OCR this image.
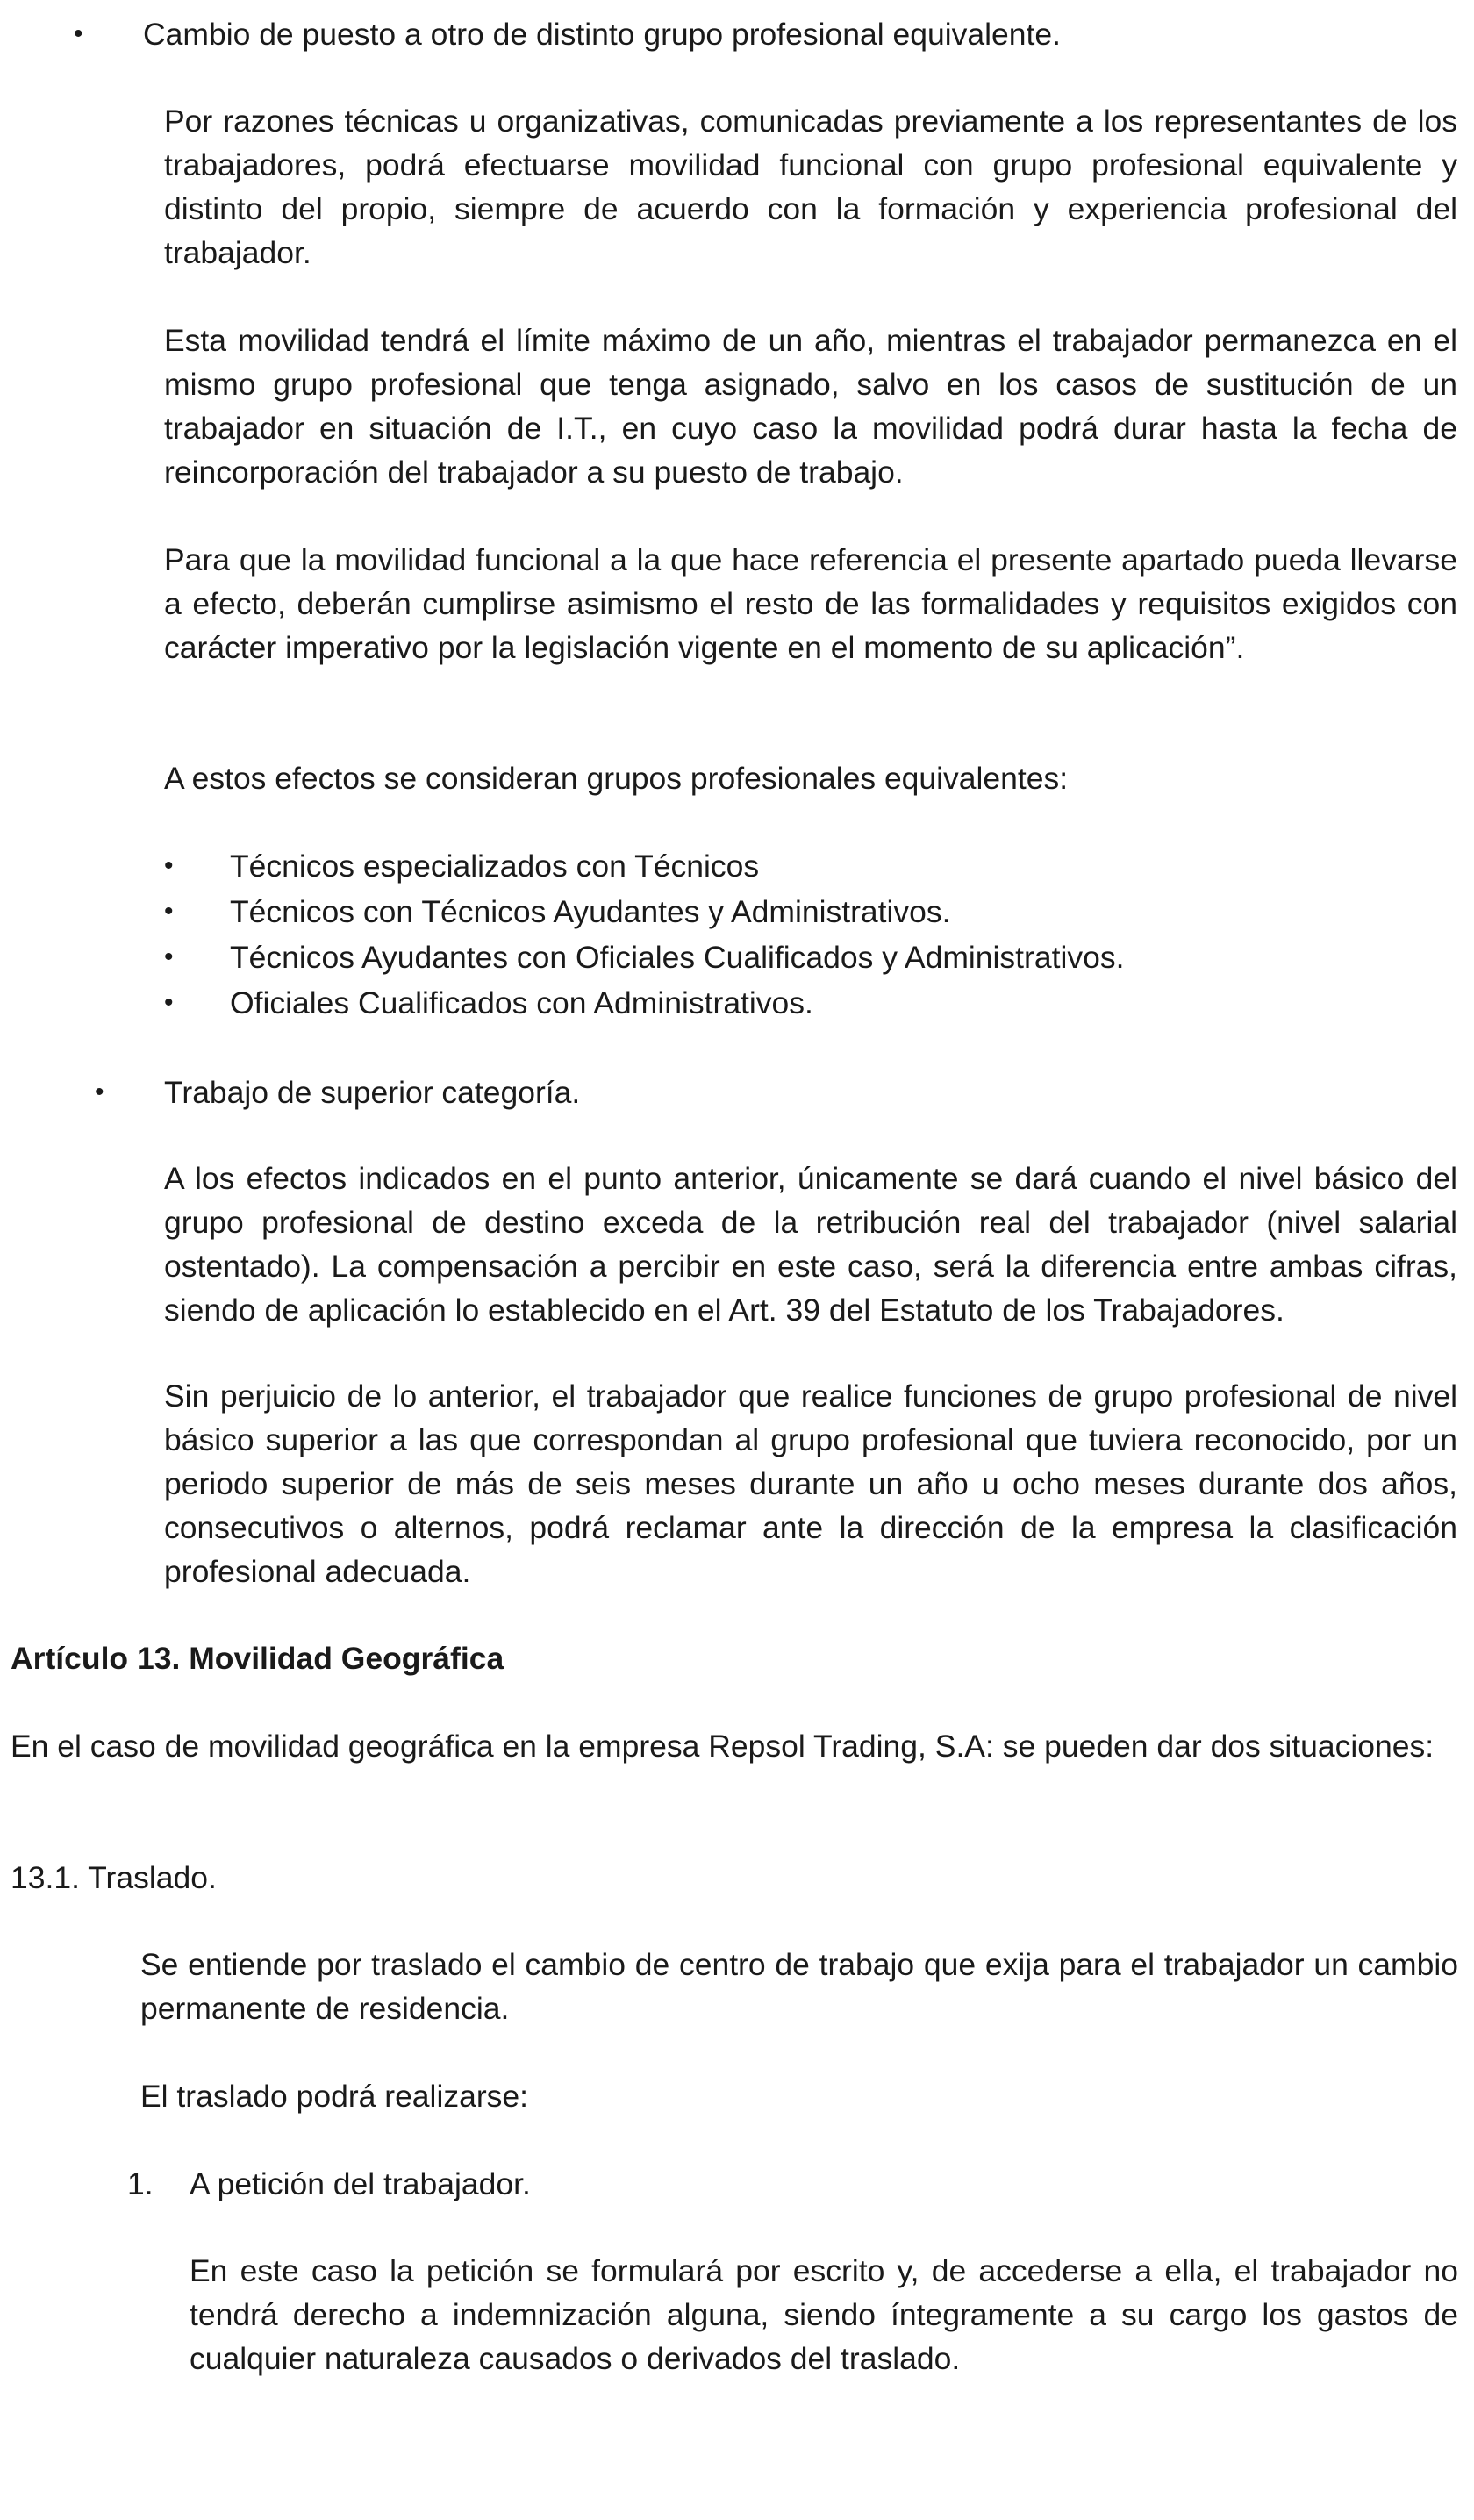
• Cambio de puesto a otro de distinto grupo profesional equivalente.

Por razones técnicas u organizativas, comunicadas previamente a los representantes de los trabajadores, podrá efectuarse movilidad funcional con grupo profesional equivalente y distinto del propio, siempre de acuerdo con la formación y experiencia profesional del trabajador.

Esta movilidad tendrá el límite máximo de un año, mientras el trabajador permanezca en el mismo grupo profesional que tenga asignado, salvo en los casos de sustitución de un trabajador en situación de I.T., en cuyo caso la movilidad podrá durar hasta la fecha de reincorporación del trabajador a su puesto de trabajo.

Para que la movilidad funcional a la que hace referencia el presente apartado pueda llevarse a efecto, deberán cumplirse asimismo el resto de las formalidades y requisitos exigidos con carácter imperativo por la legislación vigente en el momento de su aplicación”.

A estos efectos se consideran grupos profesionales equivalentes:

• Técnicos especializados con Técnicos

• Técnicos con Técnicos Ayudantes y Administrativos.

• Técnicos Ayudantes con Oficiales Cualificados y Administrativos.

• Oficiales Cualificados con Administrativos.

• Trabajo de superior categoría.

A los efectos indicados en el punto anterior, únicamente se dará cuando el nivel básico del grupo profesional de destino exceda de la retribución real del trabajador (nivel salarial ostentado). La compensación a percibir en este caso, será la diferencia entre ambas cifras, siendo de aplicación lo establecido en el Art. 39 del Estatuto de los Trabajadores.

Sin perjuicio de lo anterior, el trabajador que realice funciones de grupo profesional de nivel básico superior a las que correspondan al grupo profesional que tuviera reconocido, por un periodo superior de más de seis meses durante un año u ocho meses durante dos años, consecutivos o alternos, podrá reclamar ante la dirección de la empresa la clasificación profesional adecuada.

Artículo 13. Movilidad Geográfica

En el caso de movilidad geográfica en la empresa Repsol Trading, S.A: se pueden dar dos situaciones:

13.1. Traslado.

Se entiende por traslado el cambio de centro de trabajo que exija para el trabajador un cambio permanente de residencia.

El traslado podrá realizarse:

1. A petición del trabajador.

En este caso la petición se formulará por escrito y, de accederse a ella, el trabajador no tendrá derecho a indemnización alguna, siendo íntegramente a su cargo los gastos de cualquier naturaleza causados o derivados del traslado.
